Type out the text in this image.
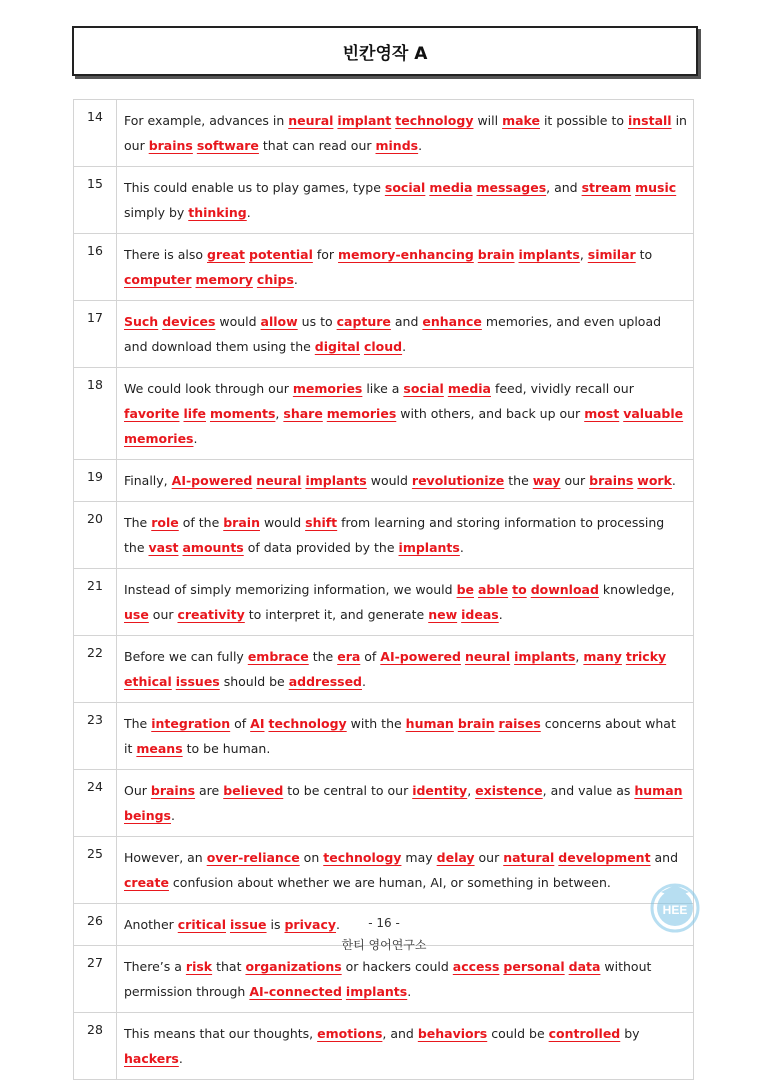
빈칸영작 A
14	For example, advances in neural implant technology will make it possible to install in our brains software that can read our minds.
15	This could enable us to play games, type social media messages, and stream music simply by thinking.
16	There is also great potential for memory-enhancing brain implants, similar to computer memory chips.
17	Such devices would allow us to capture and enhance memories, and even upload and download them using the digital cloud.
18	We could look through our memories like a social media feed, vividly recall our favorite life moments, share memories with others, and back up our most valuable memories.
19	Finally, AI-powered neural implants would revolutionize the way our brains work.
20	The role of the brain would shift from learning and storing information to processing the vast amounts of data provided by the implants.
21	Instead of simply memorizing information, we would be able to download knowledge, use our creativity to interpret it, and generate new ideas.
22	Before we can fully embrace the era of AI-powered neural implants, many tricky ethical issues should be addressed.
23	The integration of AI technology with the human brain raises concerns about what it means to be human.
24	Our brains are believed to be central to our identity, existence, and value as human beings.
25	However, an over-reliance on technology may delay our natural development and create confusion about whether we are human, AI, or something in between.
26	Another critical issue is privacy.
27	There’s a risk that organizations or hackers could access personal data without permission through AI-connected implants.
28	This means that our thoughts, emotions, and behaviors could be controlled by hackers.
- 16 -
한티 영어연구소
HEE
